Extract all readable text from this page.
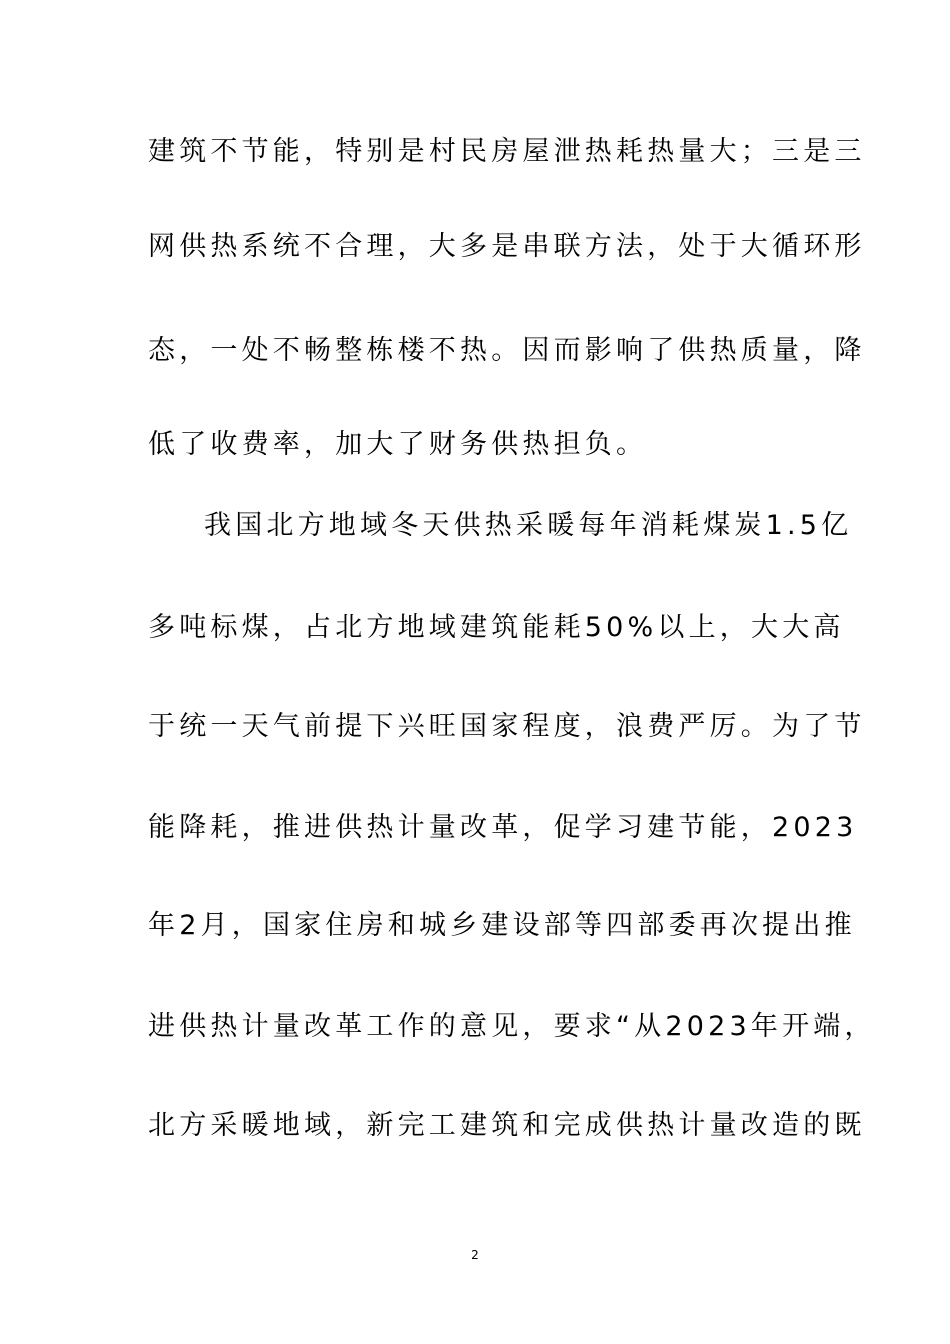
建筑不节能，特别是村民房屋泄热耗热量大；三是三
网供热系统不合理，大多是串联方法，处于大循环形
态，一处不畅整栋楼不热。因而影响了供热质量，降
低了收费率，加大了财务供热担负。
我国北方地域冬天供热采暖每年消耗煤炭1.5亿
多吨标煤，占北方地域建筑能耗50%以上，大大高
于统一天气前提下兴旺国家程度，浪费严厉。为了节
能降耗，推进供热计量改革，促学习建节能，2023
年2月，国家住房和城乡建设部等四部委再次提出推
进供热计量改革工作的意见，要求“从2023年开端，
北方采暖地域，新完工建筑和完成供热计量改造的既
2
